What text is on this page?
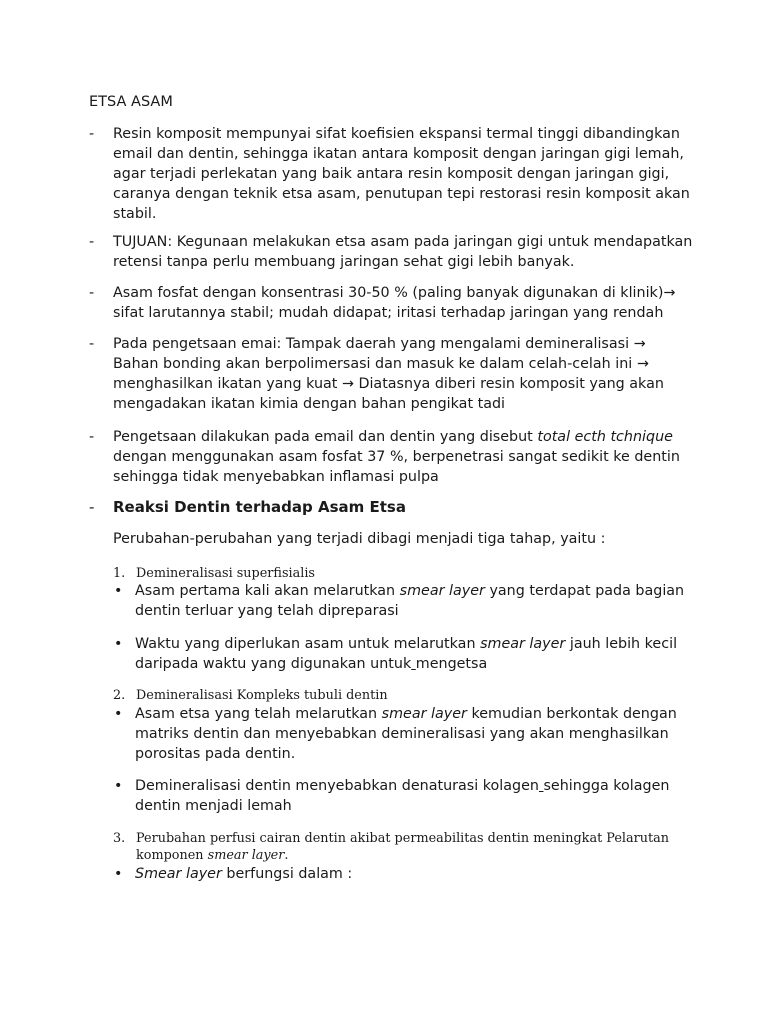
ETSA ASAM
- Resin komposit mempunyai sifat koefisien ekspansi termal tinggi dibandingkan
email dan dentin, sehingga ikatan antara komposit dengan jaringan gigi lemah,
agar terjadi perlekatan yang baik antara resin komposit dengan jaringan gigi,
caranya dengan teknik etsa asam, penutupan tepi restorasi resin komposit akan
stabil.
- TUJUAN: Kegunaan melakukan etsa asam pada jaringan gigi untuk mendapatkan
retensi tanpa perlu membuang jaringan sehat gigi lebih banyak.
- Asam fosfat dengan konsentrasi 30-50 % (paling banyak digunakan di klinik)→
sifat larutannya stabil; mudah didapat; iritasi terhadap jaringan yang rendah
- Pada pengetsaan emai: Tampak daerah yang mengalami demineralisasi →
Bahan bonding akan berpolimersasi dan masuk ke dalam celah-celah ini →
menghasilkan ikatan yang kuat → Diatasnya diberi resin komposit yang akan
mengadakan ikatan kimia dengan bahan pengikat tadi
- Pengetsaan dilakukan pada email dan dentin yang disebut total ecth tchnique
dengan menggunakan asam fosfat 37 %, berpenetrasi sangat sedikit ke dentin
sehingga tidak menyebabkan inflamasi pulpa
- Reaksi Dentin terhadap Asam Etsa
Perubahan-perubahan yang terjadi dibagi menjadi tiga tahap, yaitu :
1. Demineralisasi superfisialis
• Asam pertama kali akan melarutkan smear layer yang terdapat pada bagian
dentin terluar yang telah dipreparasi
• Waktu yang diperlukan asam untuk melarutkan smear layer jauh lebih kecil
daripada waktu yang digunakan untuk mengetsa
2. Demineralisasi Kompleks tubuli dentin
• Asam etsa yang telah melarutkan smear layer kemudian berkontak dengan
matriks dentin dan menyebabkan demineralisasi yang akan menghasilkan
porositas pada dentin.
• Demineralisasi dentin menyebabkan denaturasi kolagen sehingga kolagen
dentin menjadi lemah
3. Perubahan perfusi cairan dentin akibat permeabilitas dentin meningkat Pelarutan
komponen smear layer.
• Smear layer berfungsi dalam :
